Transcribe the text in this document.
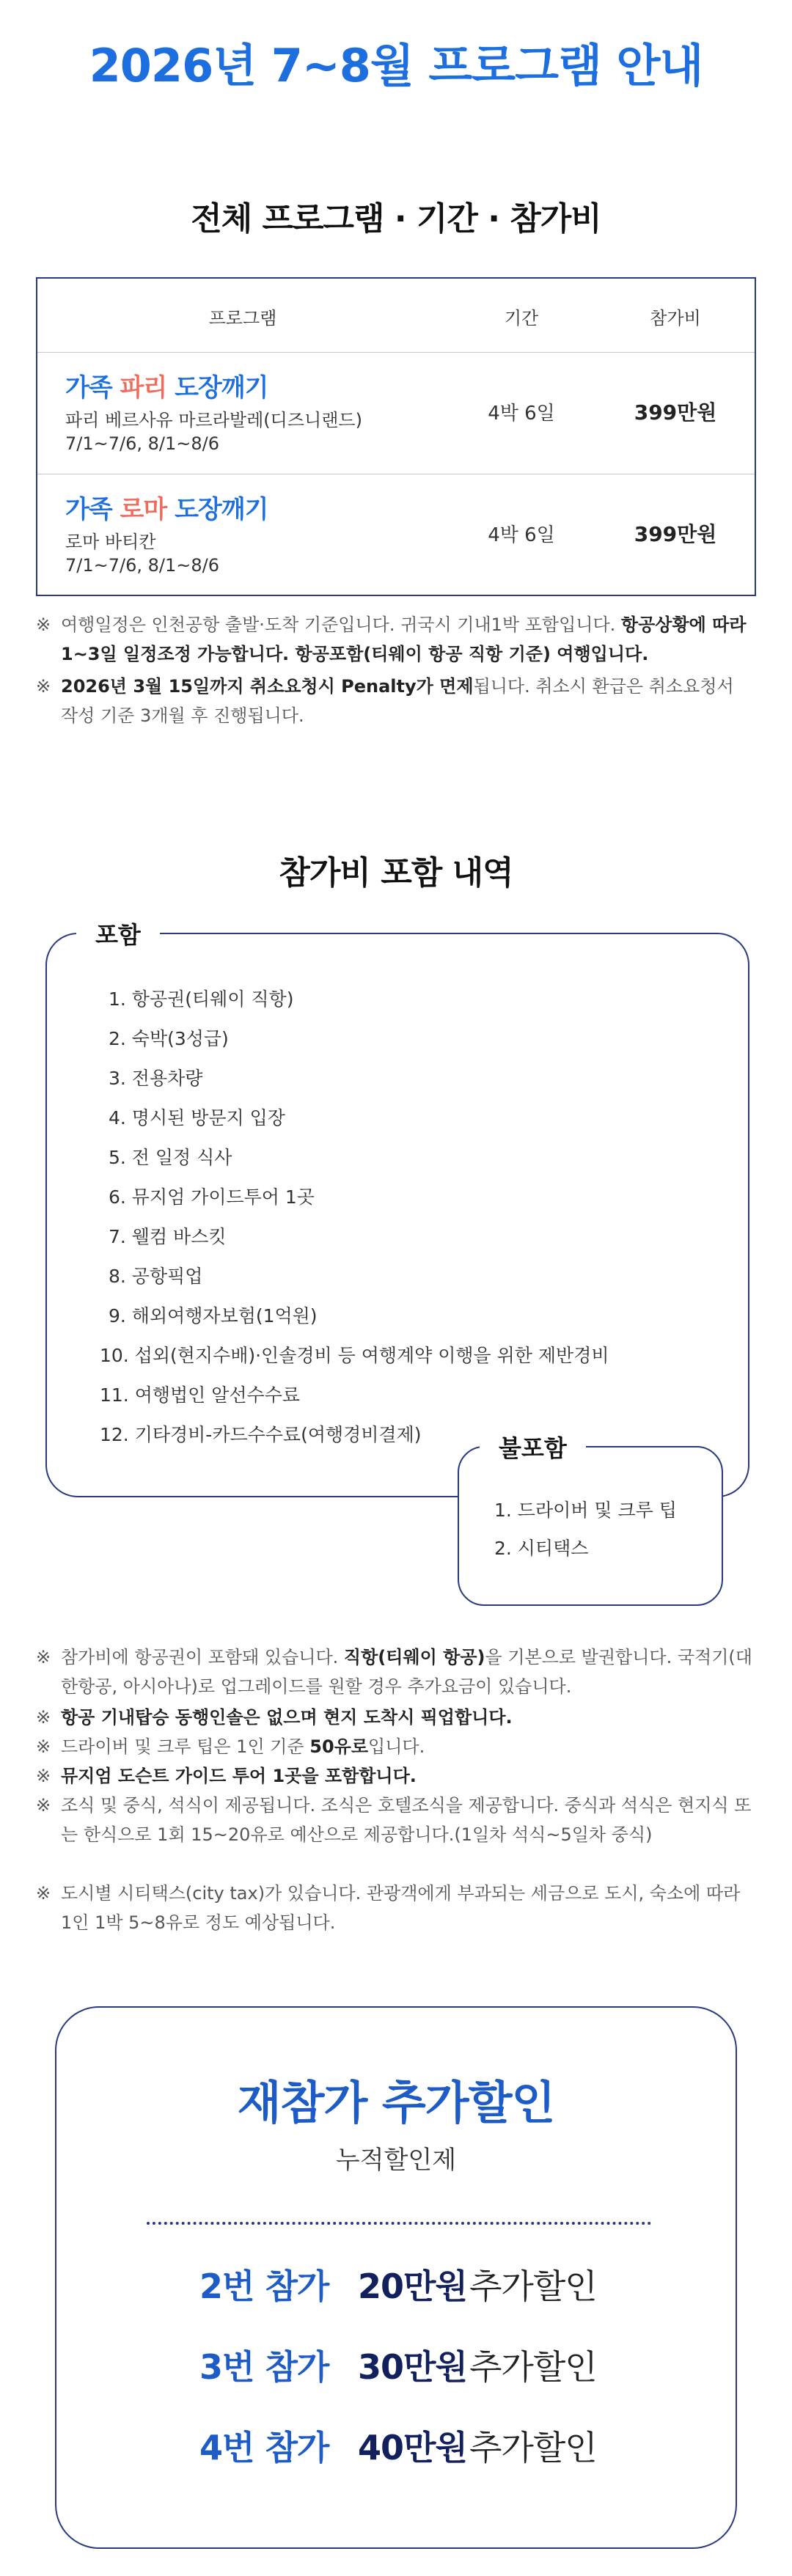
2026년 7~8월 프로그램 안내
전체 프로그램 · 기간 · 참가비
프로그램	기간	참가비
가족 파리 도장깨기
파리 베르사유 마르라발레(디즈니랜드)
7/1~7/6, 8/1~8/6
4박 6일	399만원
가족 로마 도장깨기
로마 바티칸
7/1~7/6, 8/1~8/6
4박 6일	399만원
※ 여행일정은 인천공항 출발·도착 기준입니다. 귀국시 기내1박 포함입니다. 항공상황에 따라 1~3일 일정조정 가능합니다. 항공포함(티웨이 항공 직항 기준) 여행입니다.
※ 2026년 3월 15일까지 취소요청시 Penalty가 면제됩니다. 취소시 환급은 취소요청서 작성 기준 3개월 후 진행됩니다.
참가비 포함 내역
포함
1. 항공권(티웨이 직항)
2. 숙박(3성급)
3. 전용차량
4. 명시된 방문지 입장
5. 전 일정 식사
6. 뮤지엄 가이드투어 1곳
7. 웰컴 바스킷
8. 공항픽업
9. 해외여행자보험(1억원)
10. 섭외(현지수배)·인솔경비 등 여행계약 이행을 위한 제반경비
11. 여행법인 알선수수료
12. 기타경비-카드수수료(여행경비결제)	불포함
1. 드라이버 및 크루 팁
2. 시티택스
※ 참가비에 항공권이 포함돼 있습니다. 직항(티웨이 항공)을 기본으로 발권합니다. 국적기(대한항공, 아시아나)로 업그레이드를 원할 경우 추가요금이 있습니다.
※ 항공 기내탑승 동행인솔은 없으며 현지 도착시 픽업합니다.
※ 드라이버 및 크루 팁은 1인 기준 50유로입니다.
※ 뮤지엄 도슨트 가이드 투어 1곳을 포함합니다.
※ 조식 및 중식, 석식이 제공됩니다. 조식은 호텔조식을 제공합니다. 중식과 석식은 현지식 또는 한식으로 1회 15~20유로 예산으로 제공합니다.(1일차 석식~5일차 중식)
※ 도시별 시티택스(city tax)가 있습니다. 관광객에게 부과되는 세금으로 도시, 숙소에 따라 1인 1박 5~8유로 정도 예상됩니다.
재참가 추가할인
누적할인제
2번 참가 20만원 추가할인
3번 참가 30만원 추가할인
4번 참가 40만원 추가할인
